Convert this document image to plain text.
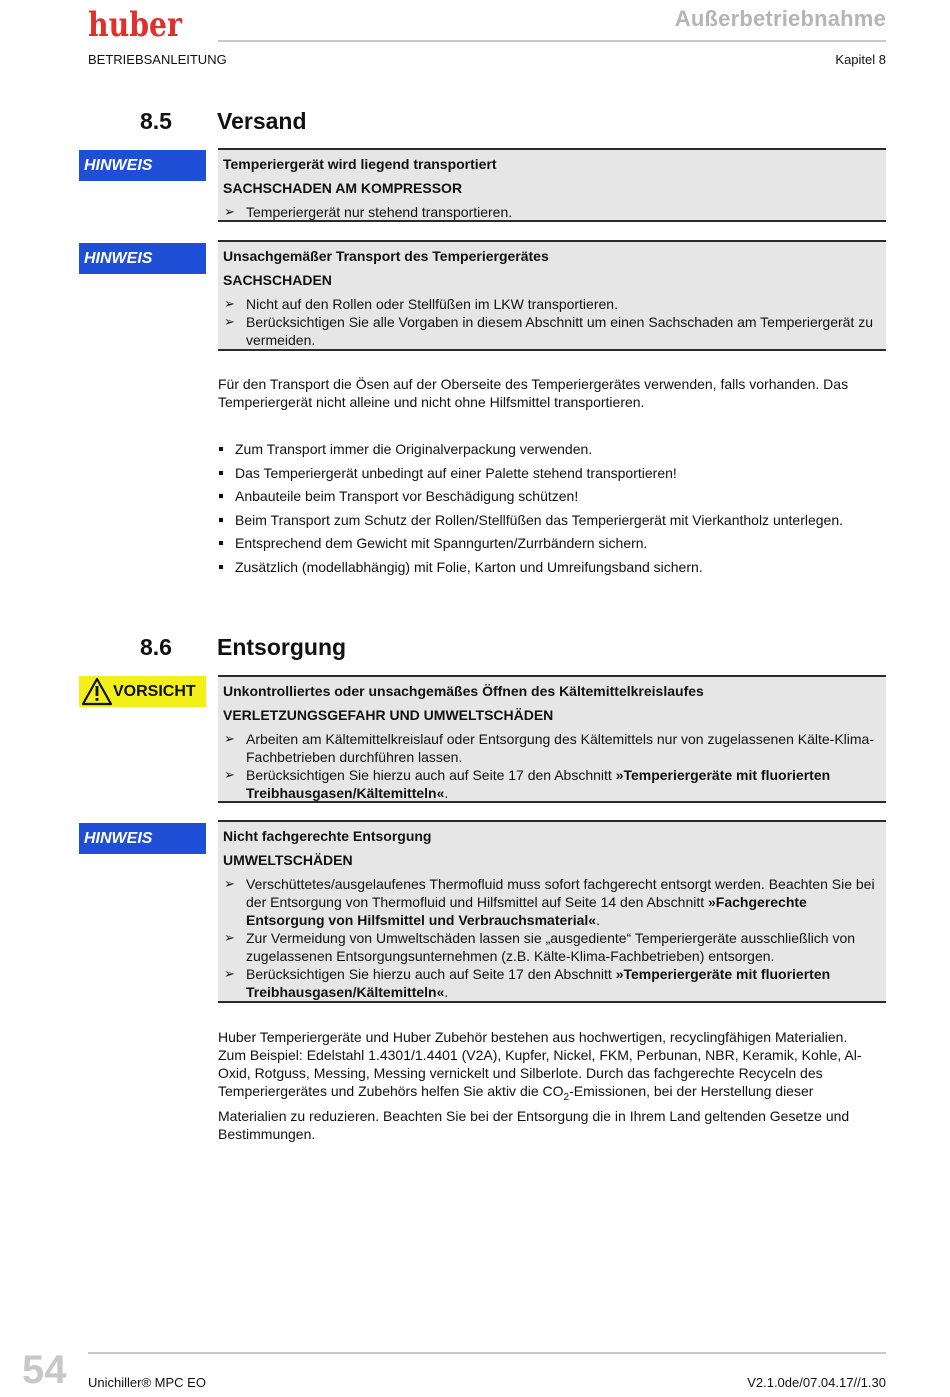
huber	Außerbetriebnahme
BETRIEBSANLEITUNG	Kapitel 8
8.5 Versand
HINWEIS	Temperiergerät wird liegend transportiert
SACHSCHADEN AM KOMPRESSOR
➢ Temperiergerät nur stehend transportieren.
HINWEIS	Unsachgemäßer Transport des Temperiergerätes
SACHSCHADEN
➢ Nicht auf den Rollen oder Stellfüßen im LKW transportieren.
➢ Berücksichtigen Sie alle Vorgaben in diesem Abschnitt um einen Sachschaden am Temperiergerät zu vermeiden.
Für den Transport die Ösen auf der Oberseite des Temperiergerätes verwenden, falls vorhanden. Das Temperiergerät nicht alleine und nicht ohne Hilfsmittel transportieren.
Zum Transport immer die Originalverpackung verwenden.
Das Temperiergerät unbedingt auf einer Palette stehend transportieren!
Anbauteile beim Transport vor Beschädigung schützen!
Beim Transport zum Schutz der Rollen/Stellfüßen das Temperiergerät mit Vierkantholz unterlegen.
Entsprechend dem Gewicht mit Spanngurten/Zurrbändern sichern.
Zusätzlich (modellabhängig) mit Folie, Karton und Umreifungsband sichern.
8.6 Entsorgung
VORSICHT	Unkontrolliertes oder unsachgemäßes Öffnen des Kältemittelkreislaufes
VERLETZUNGSGEFAHR UND UMWELTSCHÄDEN
➢ Arbeiten am Kältemittelkreislauf oder Entsorgung des Kältemittels nur von zugelassenen Kälte-Klima-Fachbetrieben durchführen lassen.
➢ Berücksichtigen Sie hierzu auch auf Seite 17 den Abschnitt »Temperiergeräte mit fluorierten Treibhausgasen/Kältemitteln«.
HINWEIS	Nicht fachgerechte Entsorgung
UMWELTSCHÄDEN
➢ Verschüttetes/ausgelaufenes Thermofluid muss sofort fachgerecht entsorgt werden. Beachten Sie bei der Entsorgung von Thermofluid und Hilfsmittel auf Seite 14 den Abschnitt »Fachgerechte Entsorgung von Hilfsmittel und Verbrauchsmaterial«.
➢ Zur Vermeidung von Umweltschäden lassen sie „ausgediente“ Temperiergeräte ausschließlich von zugelassenen Entsorgungsunternehmen (z.B. Kälte-Klima-Fachbetrieben) entsorgen.
➢ Berücksichtigen Sie hierzu auch auf Seite 17 den Abschnitt »Temperiergeräte mit fluorierten Treibhausgasen/Kältemitteln«.
Huber Temperiergeräte und Huber Zubehör bestehen aus hochwertigen, recyclingfähigen Materialien. Zum Beispiel: Edelstahl 1.4301/1.4401 (V2A), Kupfer, Nickel, FKM, Perbunan, NBR, Keramik, Kohle, Al-Oxid, Rotguss, Messing, Messing vernickelt und Silberlote. Durch das fachgerechte Recyceln des Temperiergerätes und Zubehörs helfen Sie aktiv die $CO_2$-Emissionen, bei der Herstellung dieser Materialien zu reduzieren. Beachten Sie bei der Entsorgung die in Ihrem Land geltenden Gesetze und Bestimmungen.
54 Unichiller® MPC EO	V2.1.0de/07.04.17//1.30
